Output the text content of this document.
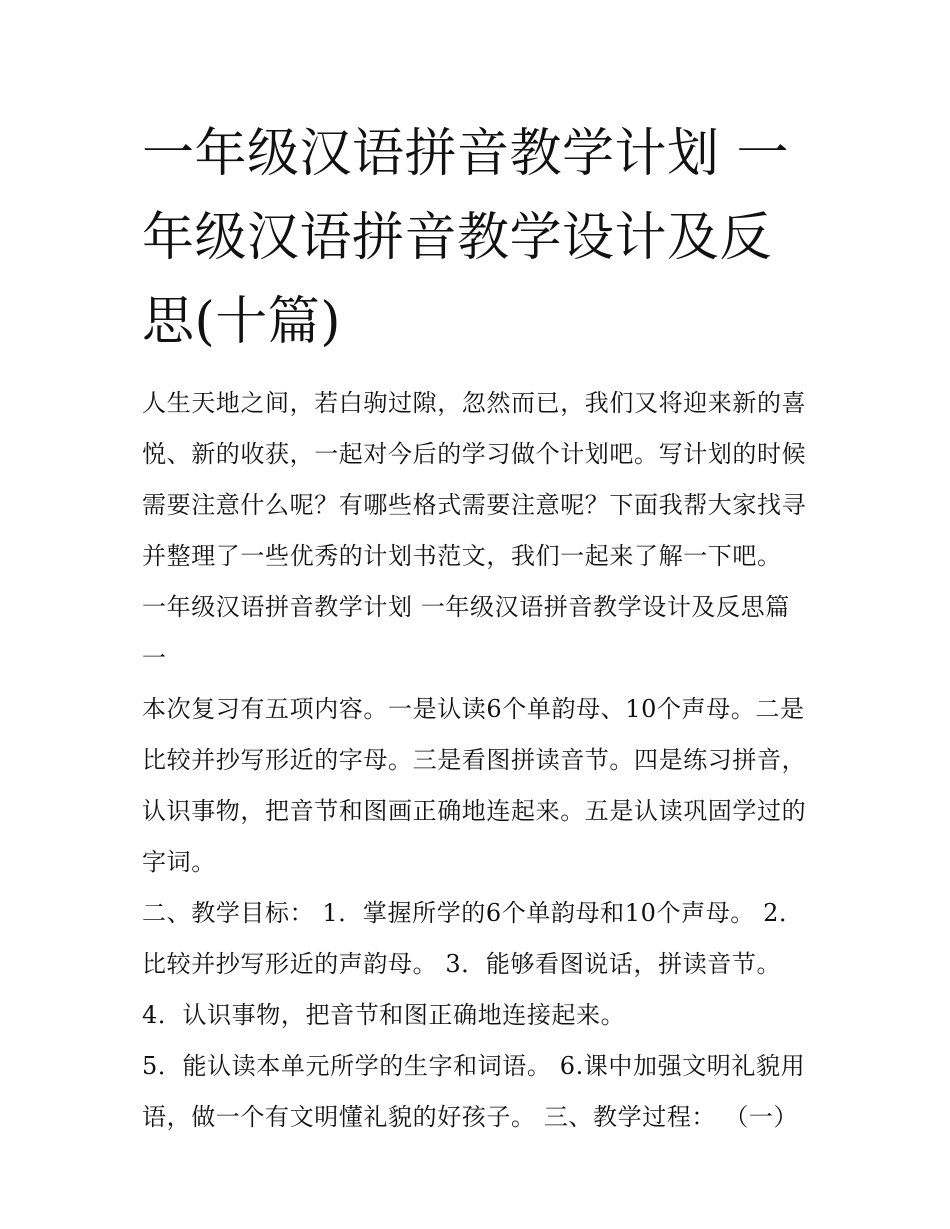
一年级汉语拼音教学计划 一年级汉语拼音教学设计及反思(十篇)

人生天地之间，若白驹过隙，忽然而已，我们又将迎来新的喜悦、新的收获，一起对今后的学习做个计划吧。写计划的时候需要注意什么呢？有哪些格式需要注意呢？下面我帮大家找寻并整理了一些优秀的计划书范文，我们一起来了解一下吧。

一年级汉语拼音教学计划 一年级汉语拼音教学设计及反思篇一

本次复习有五项内容。一是认读6个单韵母、10个声母。二是比较并抄写形近的字母。三是看图拼读音节。四是练习拼音，认识事物，把音节和图画正确地连起来。五是认读巩固学过的字词。

二、教学目标： 1．掌握所学的6个单韵母和10个声母。 2．比较并抄写形近的声韵母。 3．能够看图说话，拼读音节。

4．认识事物，把音节和图正确地连接起来。

5．能认读本单元所学的生字和词语。 6.课中加强文明礼貌用语，做一个有文明懂礼貌的好孩子。 三、教学过程： （一）
